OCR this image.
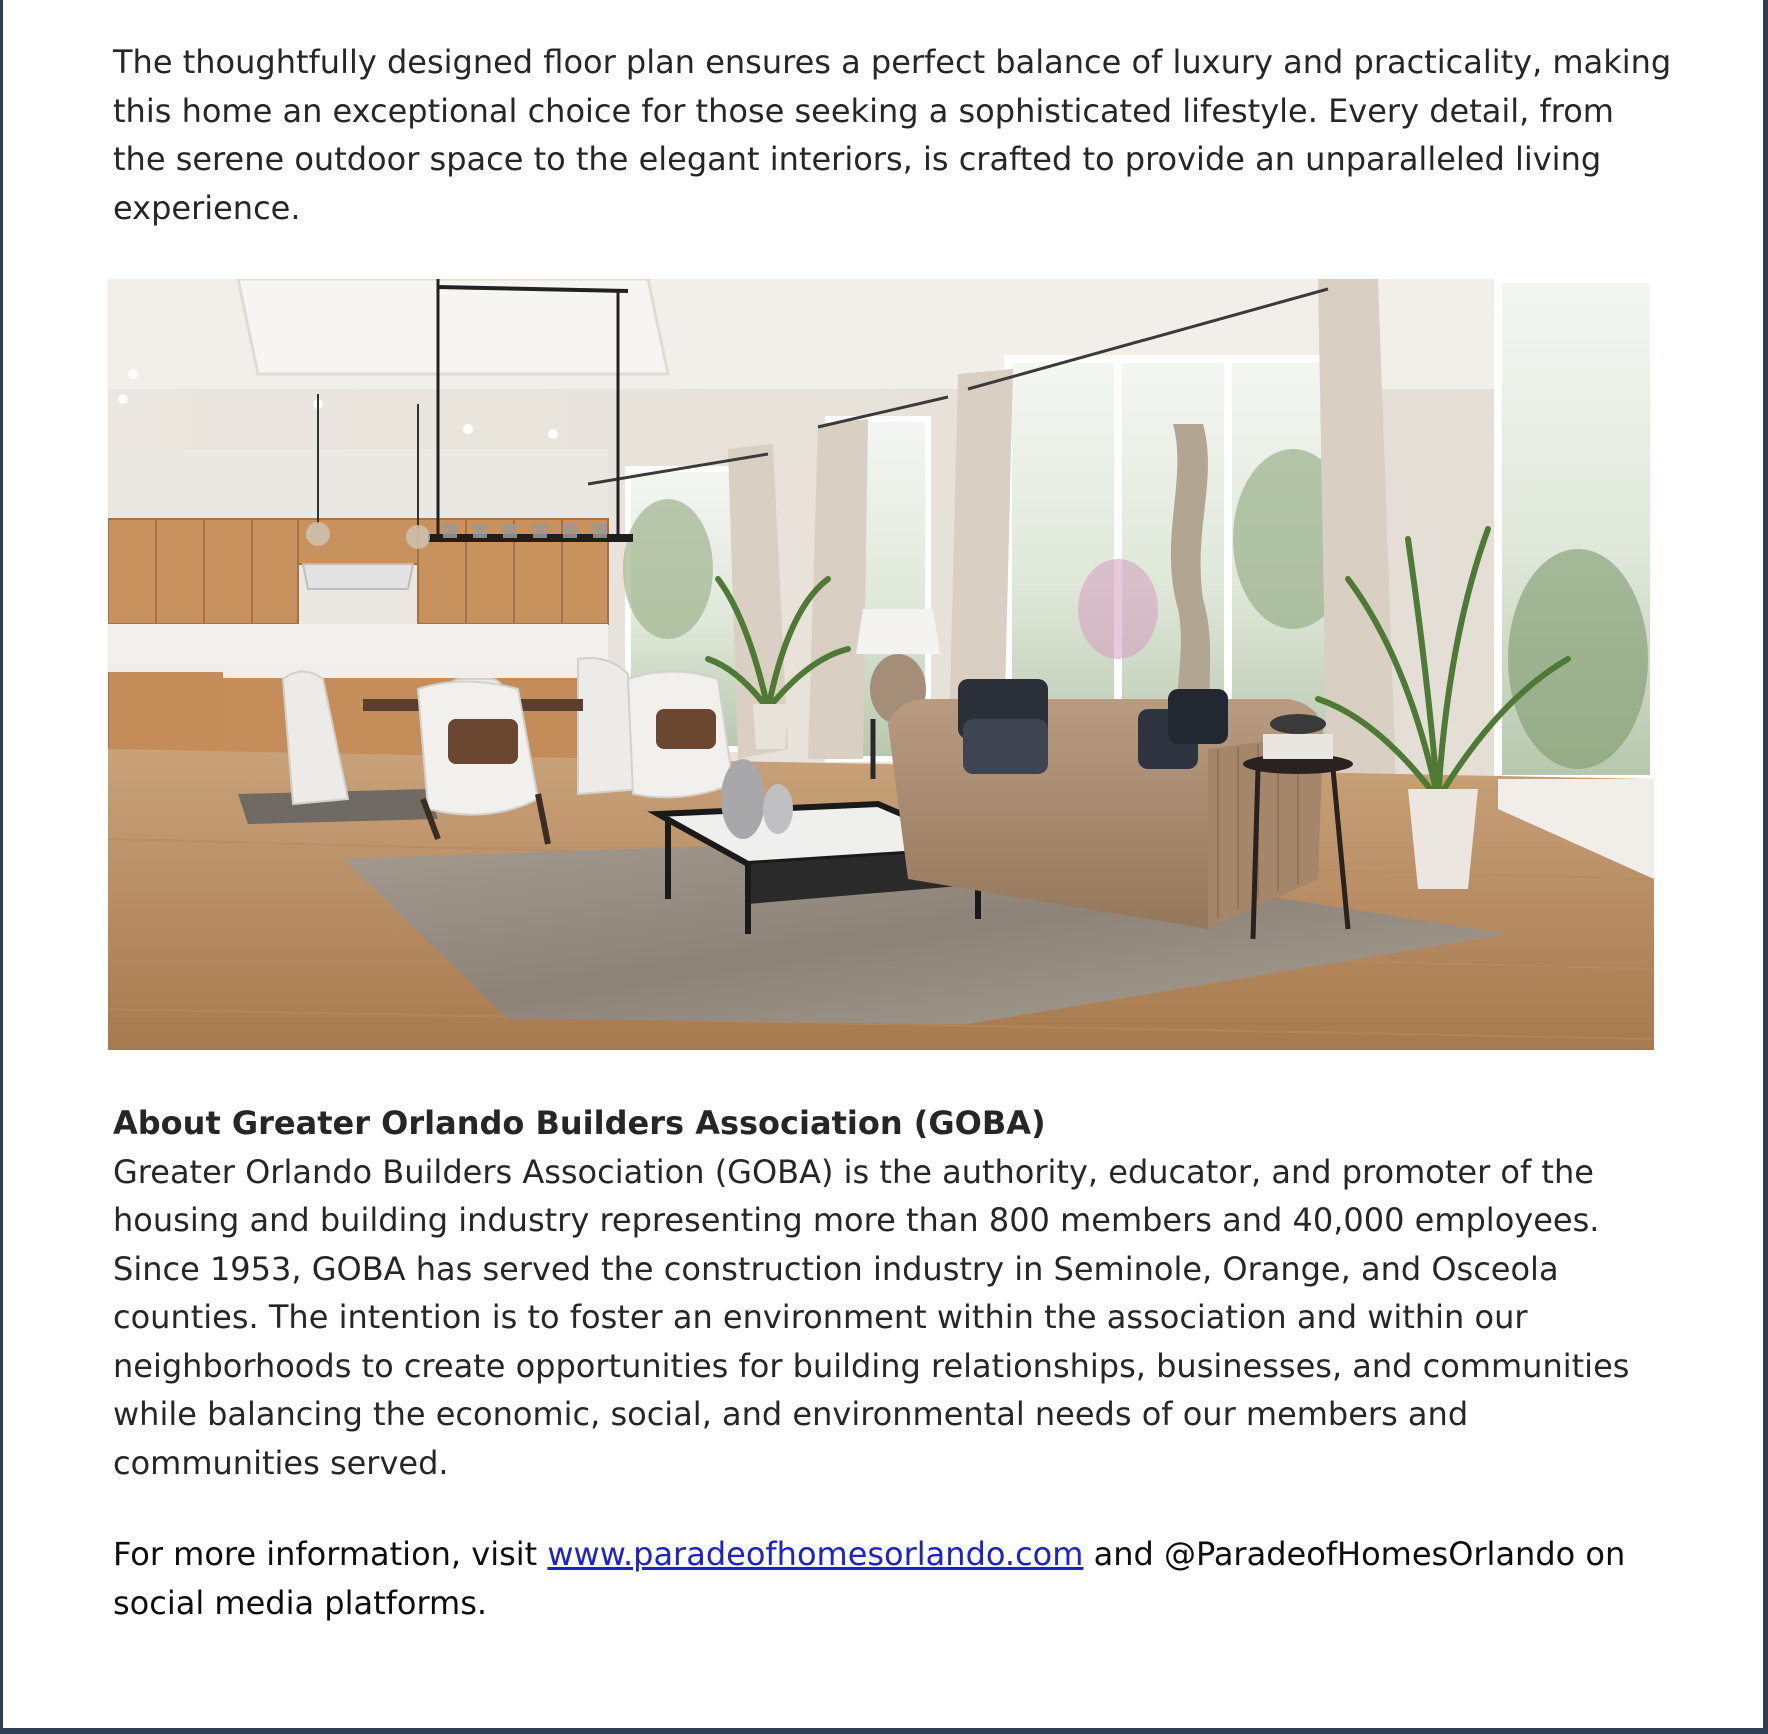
The thoughtfully designed floor plan ensures a perfect balance of luxury and practicality, making this home an exceptional choice for those seeking a sophisticated lifestyle. Every detail, from the serene outdoor space to the elegant interiors, is crafted to provide an unparalleled living experience.

About Greater Orlando Builders Association (GOBA)

Greater Orlando Builders Association (GOBA) is the authority, educator, and promoter of the housing and building industry representing more than 800 members and 40,000 employees. Since 1953, GOBA has served the construction industry in Seminole, Orange, and Osceola counties. The intention is to foster an environment within the association and within our neighborhoods to create opportunities for building relationships, businesses, and communities while balancing the economic, social, and environmental needs of our members and communities served.

For more information, visit www.paradeofhomesorlando.com and @ParadeofHomesOrlando on social media platforms.
